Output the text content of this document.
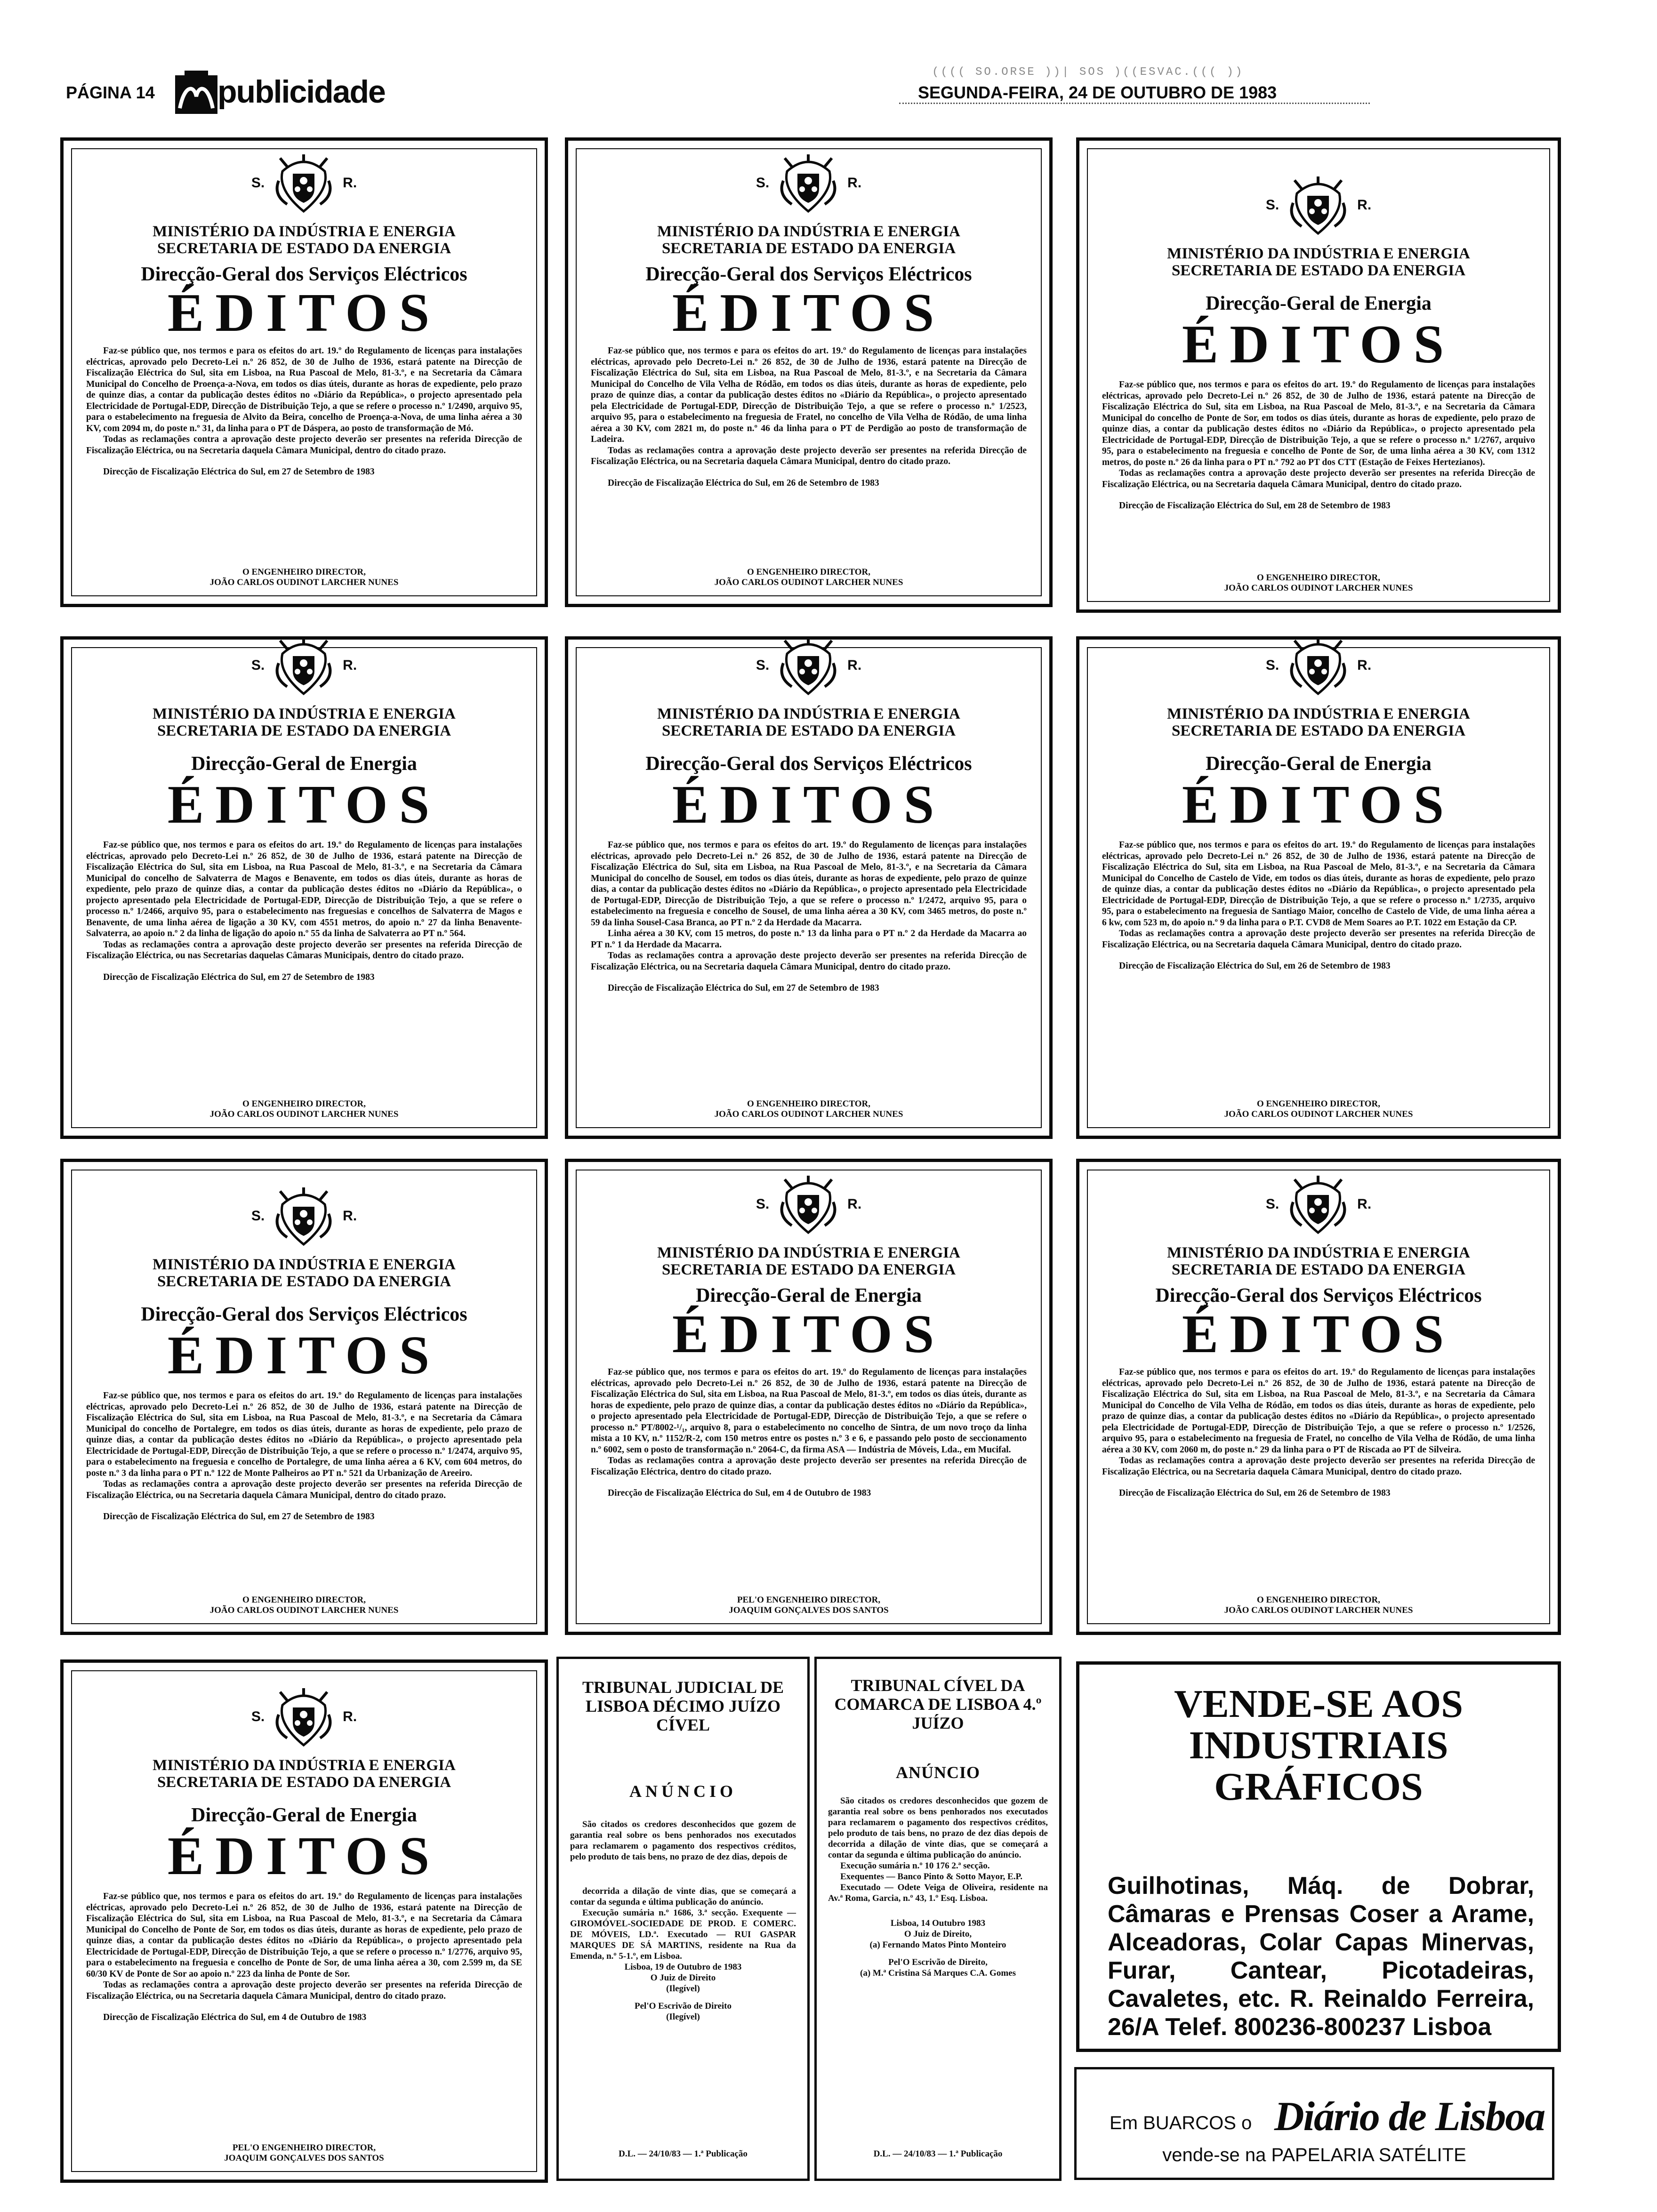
PÁGINA 14 publicidade
(((( SO.ORSE ))| SOS )((ESVAC.((( ))
SEGUNDA-FEIRA, 24 DE OUTUBRO DE 1983
S.	R.
MINISTÉRIO DA INDÚSTRIA E ENERGIA
SECRETARIA DE ESTADO DA ENERGIA
Direcção-Geral dos Serviços Eléctricos
ÉDITOS

Faz-se público que, nos termos e para os efeitos do art. 19.º do Regulamento de licenças para instalações eléctricas, aprovado pelo Decreto-Lei n.º 26 852, de 30 de Julho de 1936, estará patente na Direcção de Fiscalização Eléctrica do Sul, sita em Lisboa, na Rua Pascoal de Melo, 81-3.º, e na Secretaria da Câmara Municipal do Concelho de Proença-a-Nova, em todos os dias úteis, durante as horas de expediente, pelo prazo de quinze dias, a contar da publicação destes éditos no «Diário da República», o projecto apresentado pela Electricidade de Portugal-EDP, Direcção de Distribuição Tejo, a que se refere o processo n.º 1/2490, arquivo 95, para o estabelecimento na freguesia de Alvito da Beira, concelho de Proença-a-Nova, de uma linha aérea a 30 KV, com 2094 m, do poste n.º 31, da linha para o PT de Dáspera, ao posto de transformação de Mó.

Todas as reclamações contra a aprovação deste projecto deverão ser presentes na referida Direcção de Fiscalização Eléctrica, ou na Secretaria daquela Câmara Municipal, dentro do citado prazo.

Direcção de Fiscalização Eléctrica do Sul, em 27 de Setembro de 1983

O ENGENHEIRO DIRECTOR,
JOÃO CARLOS OUDINOT LARCHER NUNES
S.	R.
MINISTÉRIO DA INDÚSTRIA E ENERGIA
SECRETARIA DE ESTADO DA ENERGIA
Direcção-Geral dos Serviços Eléctricos
ÉDITOS

Faz-se público que, nos termos e para os efeitos do art. 19.º do Regulamento de licenças para instalações eléctricas, aprovado pelo Decreto-Lei n.º 26 852, de 30 de Julho de 1936, estará patente na Direcção de Fiscalização Eléctrica do Sul, sita em Lisboa, na Rua Pascoal de Melo, 81-3.º, e na Secretaria da Câmara Municipal do Concelho de Vila Velha de Ródão, em todos os dias úteis, durante as horas de expediente, pelo prazo de quinze dias, a contar da publicação destes éditos no «Diário da República», o projecto apresentado pela Electricidade de Portugal-EDP, Direcção de Distribuição Tejo, a que se refere o processo n.º 1/2523, arquivo 95, para o estabelecimento na freguesia de Fratel, no concelho de Vila Velha de Ródão, de uma linha aérea a 30 KV, com 2821 m, do poste n.º 46 da linha para o PT de Perdigão ao posto de transformação de Ladeira.

Todas as reclamações contra a aprovação deste projecto deverão ser presentes na referida Direcção de Fiscalização Eléctrica, ou na Secretaria daquela Câmara Municipal, dentro do citado prazo.

Direcção de Fiscalização Eléctrica do Sul, em 26 de Setembro de 1983

O ENGENHEIRO DIRECTOR,
JOÃO CARLOS OUDINOT LARCHER NUNES
S.	R.
MINISTÉRIO DA INDÚSTRIA E ENERGIA
SECRETARIA DE ESTADO DA ENERGIA
Direcção-Geral de Energia
ÉDITOS

Faz-se público que, nos termos e para os efeitos do art. 19.º do Regulamento de licenças para instalações eléctricas, aprovado pelo Decreto-Lei n.º 26 852, de 30 de Julho de 1936, estará patente na Direcção de Fiscalização Eléctrica do Sul, sita em Lisboa, na Rua Pascoal de Melo, 81-3.º, e na Secretaria da Câmara Municipal do concelho de Ponte de Sor, em todos os dias úteis, durante as horas de expediente, pelo prazo de quinze dias, a contar da publicação destes éditos no «Diário da República», o projecto apresentado pela Electricidade de Portugal-EDP, Direcção de Distribuição Tejo, a que se refere o processo n.º 1/2767, arquivo 95, para o estabelecimento na freguesia e concelho de Ponte de Sor, de uma linha aérea a 30 KV, com 1312 metros, do poste n.º 26 da linha para o PT n.º 792 ao PT dos CTT (Estação de Feixes Hertezianos).

Todas as reclamações contra a aprovação deste projecto deverão ser presentes na referida Direcção de Fiscalização Eléctrica, ou na Secretaria daquela Câmara Municipal, dentro do citado prazo.

Direcção de Fiscalização Eléctrica do Sul, em 28 de Setembro de 1983

O ENGENHEIRO DIRECTOR,
JOÃO CARLOS OUDINOT LARCHER NUNES
S.	R.
MINISTÉRIO DA INDÚSTRIA E ENERGIA
SECRETARIA DE ESTADO DA ENERGIA
Direcção-Geral de Energia
ÉDITOS

Faz-se público que, nos termos e para os efeitos do art. 19.º do Regulamento de licenças para instalações eléctricas, aprovado pelo Decreto-Lei n.º 26 852, de 30 de Julho de 1936, estará patente na Direcção de Fiscalização Eléctrica do Sul, sita em Lisboa, na Rua Pascoal de Melo, 81-3.º, e na Secretaria da Câmara Municipal do concelho de Salvaterra de Magos e Benavente, em todos os dias úteis, durante as horas de expediente, pelo prazo de quinze dias, a contar da publicação destes éditos no «Diário da República», o projecto apresentado pela Electricidade de Portugal-EDP, Direcção de Distribuição Tejo, a que se refere o processo n.º 1/2466, arquivo 95, para o estabelecimento nas freguesias e concelhos de Salvaterra de Magos e Benavente, de uma linha aérea de ligação a 30 KV, com 4551 metros, do apoio n.º 27 da linha Benavente-Salvaterra, ao apoio n.º 2 da linha de ligação do apoio n.º 55 da linha de Salvaterra ao PT n.º 564.

Todas as reclamações contra a aprovação deste projecto deverão ser presentes na referida Direcção de Fiscalização Eléctrica, ou nas Secretarias daquelas Câmaras Municipais, dentro do citado prazo.

Direcção de Fiscalização Eléctrica do Sul, em 27 de Setembro de 1983

O ENGENHEIRO DIRECTOR,
JOÃO CARLOS OUDINOT LARCHER NUNES
S.	R.
MINISTÉRIO DA INDÚSTRIA E ENERGIA
SECRETARIA DE ESTADO DA ENERGIA
Direcção-Geral dos Serviços Eléctricos
ÉDITOS

Faz-se público que, nos termos e para os efeitos do art. 19.º do Regulamento de licenças para instalações eléctricas, aprovado pelo Decreto-Lei n.º 26 852, de 30 de Julho de 1936, estará patente na Direcção de Fiscalização Eléctrica do Sul, sita em Lisboa, na Rua Pascoal de Melo, 81-3.º, e na Secretaria da Câmara Municipal do concelho de Sousel, em todos os dias úteis, durante as horas de expediente, pelo prazo de quinze dias, a contar da publicação destes éditos no «Diário da República», o projecto apresentado pela Electricidade de Portugal-EDP, Direcção de Distribuição Tejo, a que se refere o processo n.º 1/2472, arquivo 95, para o estabelecimento na freguesia e concelho de Sousel, de uma linha aérea a 30 KV, com 3465 metros, do poste n.º 59 da linha Sousel-Casa Branca, ao PT n.º 2 da Herdade da Macarra.

Linha aérea a 30 KV, com 15 metros, do poste n.º 13 da linha para o PT n.º 2 da Herdade da Macarra ao PT n.º 1 da Herdade da Macarra.

Todas as reclamações contra a aprovação deste projecto deverão ser presentes na referida Direcção de Fiscalização Eléctrica, ou na Secretaria daquela Câmara Municipal, dentro do citado prazo.

Direcção de Fiscalização Eléctrica do Sul, em 27 de Setembro de 1983

O ENGENHEIRO DIRECTOR,
JOÃO CARLOS OUDINOT LARCHER NUNES
S.	R.
MINISTÉRIO DA INDÚSTRIA E ENERGIA
SECRETARIA DE ESTADO DA ENERGIA
Direcção-Geral de Energia
ÉDITOS

Faz-se público que, nos termos e para os efeitos do art. 19.º do Regulamento de licenças para instalações eléctricas, aprovado pelo Decreto-Lei n.º 26 852, de 30 de Julho de 1936, estará patente na Direcção de Fiscalização Eléctrica do Sul, sita em Lisboa, na Rua Pascoal de Melo, 81-3.º, e na Secretaria da Câmara Municipal do Concelho de Castelo de Vide, em todos os dias úteis, durante as horas de expediente, pelo prazo de quinze dias, a contar da publicação destes éditos no «Diário da República», o projecto apresentado pela Electricidade de Portugal-EDP, Direcção de Distribuição Tejo, a que se refere o processo n.º 1/2735, arquivo 95, para o estabelecimento na freguesia de Santiago Maior, concelho de Castelo de Vide, de uma linha aérea a 6 kw, com 523 m, do apoio n.º 9 da linha para o P.T. CVD8 de Mem Soares ao P.T. 1022 em Estação da CP.

Todas as reclamações contra a aprovação deste projecto deverão ser presentes na referida Direcção de Fiscalização Eléctrica, ou na Secretaria daquela Câmara Municipal, dentro do citado prazo.

Direcção de Fiscalização Eléctrica do Sul, em 26 de Setembro de 1983

O ENGENHEIRO DIRECTOR,
JOÃO CARLOS OUDINOT LARCHER NUNES
S.	R.
MINISTÉRIO DA INDÚSTRIA E ENERGIA
SECRETARIA DE ESTADO DA ENERGIA
Direcção-Geral dos Serviços Eléctricos
ÉDITOS

Faz-se público que, nos termos e para os efeitos do art. 19.º do Regulamento de licenças para instalações eléctricas, aprovado pelo Decreto-Lei n.º 26 852, de 30 de Julho de 1936, estará patente na Direcção de Fiscalização Eléctrica do Sul, sita em Lisboa, na Rua Pascoal de Melo, 81-3.º, e na Secretaria da Câmara Municipal do concelho de Portalegre, em todos os dias úteis, durante as horas de expediente, pelo prazo de quinze dias, a contar da publicação destes éditos no «Diário da República», o projecto apresentado pela Electricidade de Portugal-EDP, Direcção de Distribuição Tejo, a que se refere o processo n.º 1/2474, arquivo 95, para o estabelecimento na freguesia e concelho de Portalegre, de uma linha aérea a 6 KV, com 604 metros, do poste n.º 3 da linha para o PT n.º 122 de Monte Palheiros ao PT n.º 521 da Urbanização de Areeiro.

Todas as reclamações contra a aprovação deste projecto deverão ser presentes na referida Direcção de Fiscalização Eléctrica, ou na Secretaria daquela Câmara Municipal, dentro do citado prazo.

Direcção de Fiscalização Eléctrica do Sul, em 27 de Setembro de 1983

O ENGENHEIRO DIRECTOR,
JOÃO CARLOS OUDINOT LARCHER NUNES
S.	R.
MINISTÉRIO DA INDÚSTRIA E ENERGIA
SECRETARIA DE ESTADO DA ENERGIA
Direcção-Geral de Energia
ÉDITOS

Faz-se público que, nos termos e para os efeitos do art. 19.º do Regulamento de licenças para instalações eléctricas, aprovado pelo Decreto-Lei n.º 26 852, de 30 de Julho de 1936, estará patente na Direcção de Fiscalização Eléctrica do Sul, sita em Lisboa, na Rua Pascoal de Melo, 81-3.º, em todos os dias úteis, durante as horas de expediente, pelo prazo de quinze dias, a contar da publicação destes éditos no «Diário da República», o projecto apresentado pela Electricidade de Portugal-EDP, Direcção de Distribuição Tejo, a que se refere o processo n.º PT/8002-¹/₁, arquivo 8, para o estabelecimento no concelho de Sintra, de um novo troço da linha mista a 10 KV, n.º 1152/R-2, com 150 metros entre os postes n.º 3 e 6, e passando pelo posto de seccionamento n.º 6002, sem o posto de transformação n.º 2064-C, da firma ASA — Indústria de Móveis, Lda., em Mucifal.

Todas as reclamações contra a aprovação deste projecto deverão ser presentes na referida Direcção de Fiscalização Eléctrica, dentro do citado prazo.

Direcção de Fiscalização Eléctrica do Sul, em 4 de Outubro de 1983

PEL'O ENGENHEIRO DIRECTOR,
JOAQUIM GONÇALVES DOS SANTOS
S.	R.
MINISTÉRIO DA INDÚSTRIA E ENERGIA
SECRETARIA DE ESTADO DA ENERGIA
Direcção-Geral dos Serviços Eléctricos
ÉDITOS

Faz-se público que, nos termos e para os efeitos do art. 19.º do Regulamento de licenças para instalações eléctricas, aprovado pelo Decreto-Lei n.º 26 852, de 30 de Julho de 1936, estará patente na Direcção de Fiscalização Eléctrica do Sul, sita em Lisboa, na Rua Pascoal de Melo, 81-3.º, e na Secretaria da Câmara Municipal do Concelho de Vila Velha de Ródão, em todos os dias úteis, durante as horas de expediente, pelo prazo de quinze dias, a contar da publicação destes éditos no «Diário da República», o projecto apresentado pela Electricidade de Portugal-EDP, Direcção de Distribuição Tejo, a que se refere o processo n.º 1/2526, arquivo 95, para o estabelecimento na freguesia de Fratel, no concelho de Vila Velha de Ródão, de uma linha aérea a 30 KV, com 2060 m, do poste n.º 29 da linha para o PT de Riscada ao PT de Silveira.

Todas as reclamações contra a aprovação deste projecto deverão ser presentes na referida Direcção de Fiscalização Eléctrica, ou na Secretaria daquela Câmara Municipal, dentro do citado prazo.

Direcção de Fiscalização Eléctrica do Sul, em 26 de Setembro de 1983

O ENGENHEIRO DIRECTOR,
JOÃO CARLOS OUDINOT LARCHER NUNES
S.	R.
MINISTÉRIO DA INDÚSTRIA E ENERGIA
SECRETARIA DE ESTADO DA ENERGIA
Direcção-Geral de Energia
ÉDITOS

Faz-se público que, nos termos e para os efeitos do art. 19.º do Regulamento de licenças para instalações eléctricas, aprovado pelo Decreto-Lei n.º 26 852, de 30 de Julho de 1936, estará patente na Direcção de Fiscalização Eléctrica do Sul, sita em Lisboa, na Rua Pascoal de Melo, 81-3.º, e na Secretaria da Câmara Municipal do Concelho de Ponte de Sor, em todos os dias úteis, durante as horas de expediente, pelo prazo de quinze dias, a contar da publicação destes éditos no «Diário da República», o projecto apresentado pela Electricidade de Portugal-EDP, Direcção de Distribuição Tejo, a que se refere o processo n.º 1/2776, arquivo 95, para o estabelecimento na freguesia e concelho de Ponte de Sor, de uma linha aérea a 30, com 2.599 m, da SE 60/30 KV de Ponte de Sor ao apoio n.º 223 da linha de Ponte de Sor.

Todas as reclamações contra a aprovação deste projecto deverão ser presentes na referida Direcção de Fiscalização Eléctrica, ou na Secretaria daquela Câmara Municipal, dentro do citado prazo.

Direcção de Fiscalização Eléctrica do Sul, em 4 de Outubro de 1983

PEL'O ENGENHEIRO DIRECTOR,
JOAQUIM GONÇALVES DOS SANTOS
TRIBUNAL JUDICIAL DE LISBOA DÉCIMO JUÍZO CÍVEL
ANÚNCIO

São citados os credores desconhecidos que gozem de garantia real sobre os bens penhorados nos executados para reclamarem o pagamento dos respectivos créditos, pelo produto de tais bens, no prazo de dez dias, depois de

decorrida a dilação de vinte dias, que se começará a contar da segunda e última publicação do anúncio.

Execução sumária n.º 1686, 3.ª secção. Exequente — GIROMÓVEL-SOCIEDADE DE PROD. E COMERC. DE MÓVEIS, LD.ª. Executado — RUI GASPAR MARQUES DE SÁ MARTINS, residente na Rua da Emenda, n.º 5-1.º, em Lisboa.

Lisboa, 19 de Outubro de 1983

O Juiz de Direito

(Ilegível)

Pel'O Escrivão de Direito

(Ilegível)

D.L. — 24/10/83 — 1.ª Publicação
TRIBUNAL CÍVEL DA COMARCA DE LISBOA 4.º JUÍZO
ANÚNCIO

São citados os credores desconhecidos que gozem de garantia real sobre os bens penhorados nos executados para reclamarem o pagamento dos respectivos créditos, pelo produto de tais bens, no prazo de dez dias depois de decorrida a dilação de vinte dias, que se começará a contar da segunda e última publicação do anúncio.

Execução sumária n.º 10 176 2.ª secção.

Exequentes — Banco Pinto & Sotto Mayor, E.P.

Executado — Odete Veiga de Oliveira, residente na Av.ª Roma, Garcia, n.º 43, 1.º Esq. Lisboa.

Lisboa, 14 Outubro 1983

O Juiz de Direito,

(a) Fernando Matos Pinto Monteiro

Pel'O Escrivão de Direito,

(a) M.ª Cristina Sá Marques C.A. Gomes

D.L. — 24/10/83 — 1.ª Publicação
VENDE-SE AOS INDUSTRIAIS GRÁFICOS
Guilhotinas, Máq. de Dobrar, Câmaras e Prensas Coser a Arame, Alceadoras, Colar Capas Minervas, Furar, Cantear, Picotadeiras, Cavaletes, etc. R. Reinaldo Ferreira, 26/A Telef. 800236-800237 Lisboa
Em BUARCOS o Diário de Lisboa
vende-se na PAPELARIA SATÉLITE
